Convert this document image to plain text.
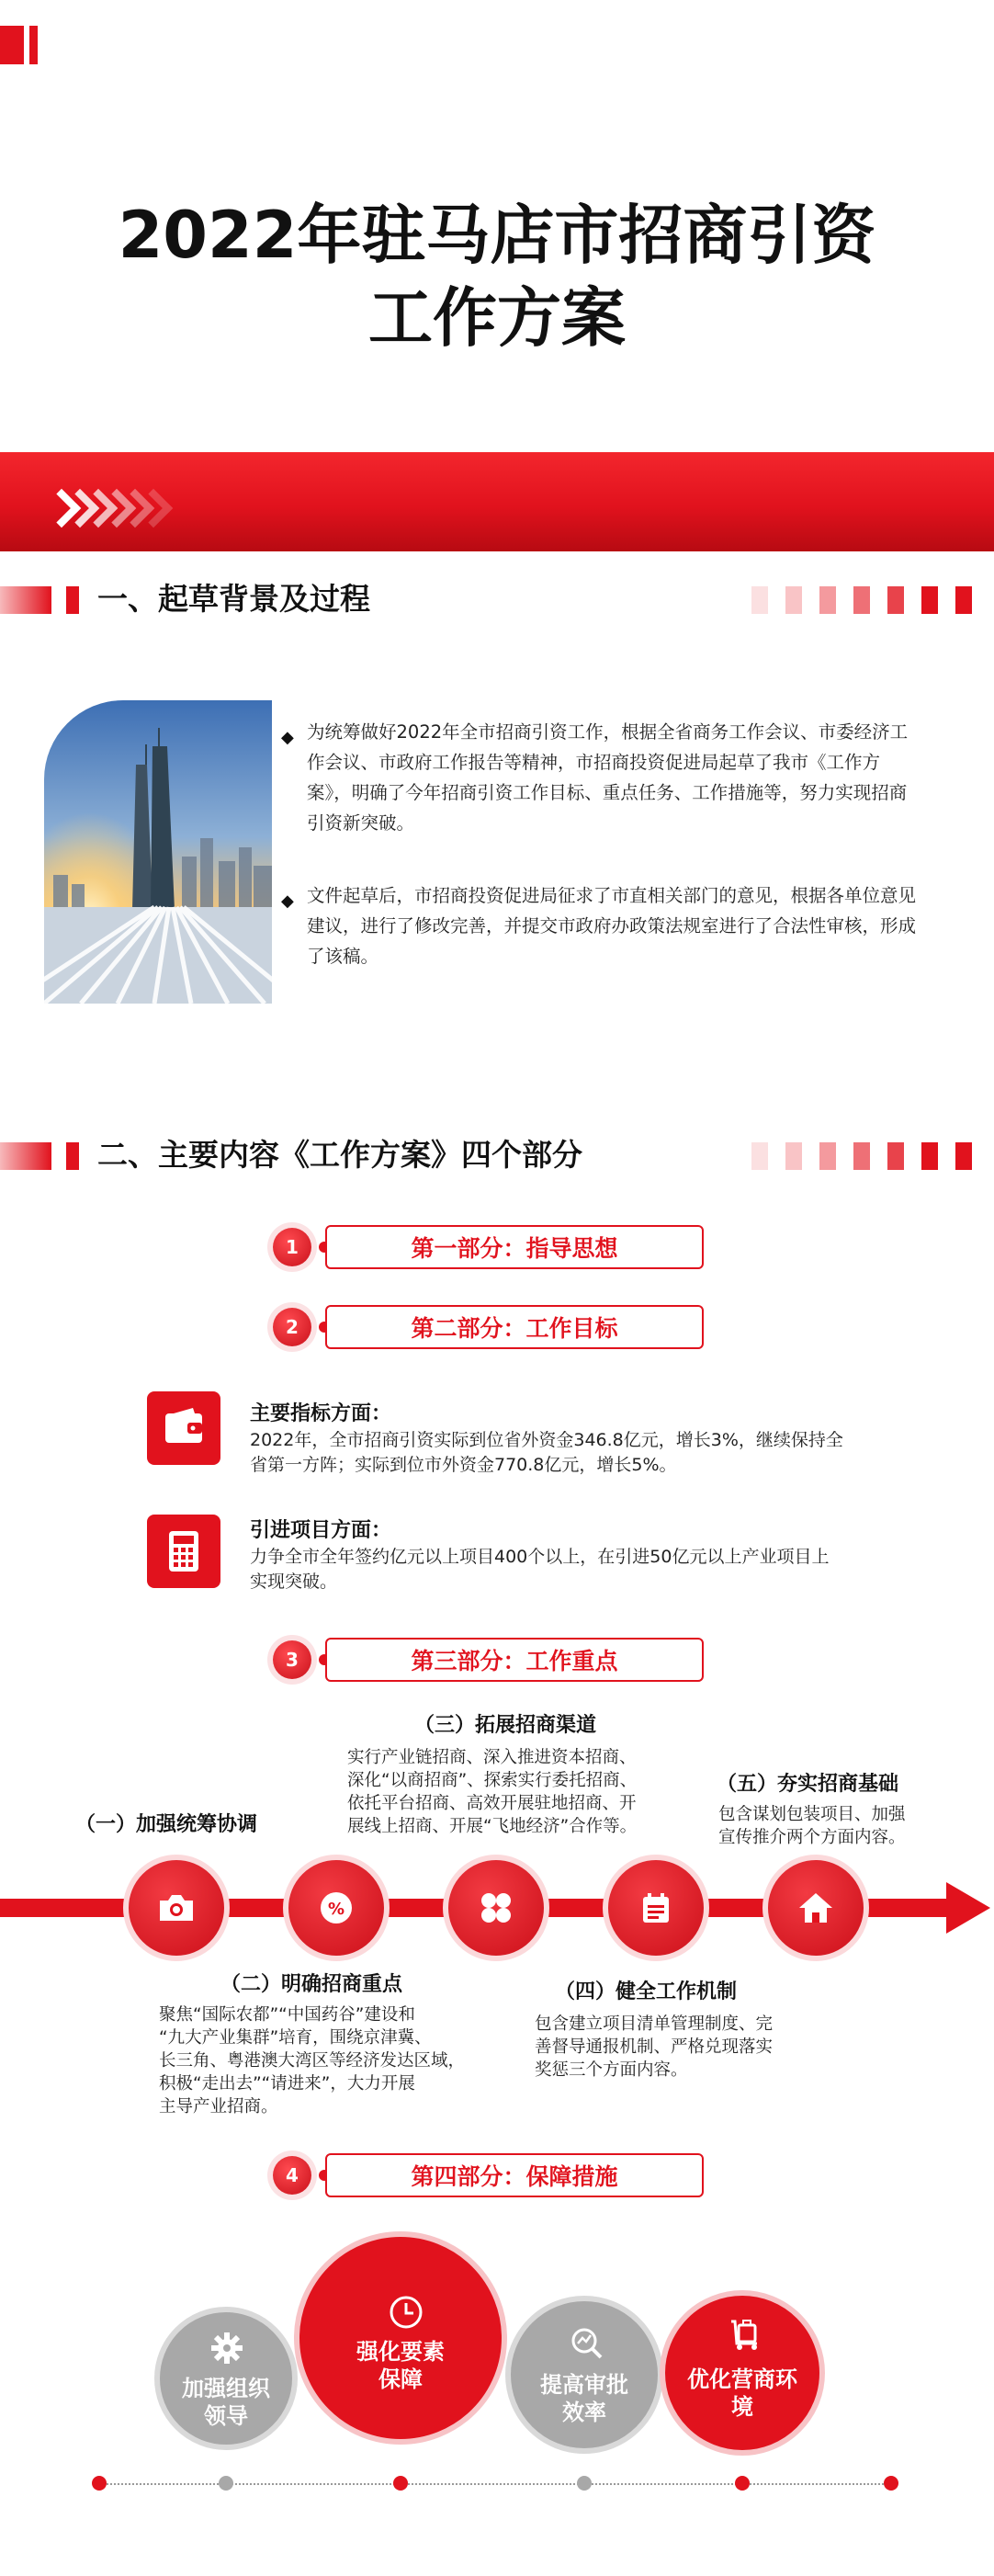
2022年驻马店市招商引资
工作方案
一、起草背景及过程
◆ 为统筹做好2022年全市招商引资工作，根据全省商务工作会议、市委经济工作会议、市政府工作报告等精神，市招商投资促进局起草了我市《工作方案》，明确了今年招商引资工作目标、重点任务、工作措施等，努力实现招商引资新突破。
◆ 文件起草后，市招商投资促进局征求了市直相关部门的意见，根据各单位意见建议，进行了修改完善，并提交市政府办政策法规室进行了合法性审核，形成了该稿。
二、主要内容《工作方案》四个部分
1	第一部分：指导思想
2	第二部分：工作目标
主要指标方面：
2022年，全市招商引资实际到位省外资金346.8亿元，增长3%，继续保持全
省第一方阵；实际到位市外资金770.8亿元，增长5%。
引进项目方面：
力争全市全年签约亿元以上项目400个以上，在引进50亿元以上产业项目上
实现突破。
3	第三部分：工作重点
（三）拓展招商渠道
实行产业链招商、深入推进资本招商、
深化“以商招商”、探索实行委托招商、
依托平台招商、高效开展驻地招商、开
展线上招商、开展“飞地经济”合作等。
（五）夯实招商基础
包含谋划包装项目、加强
宣传推介两个方面内容。
（一）加强统筹协调
%
（二）明确招商重点
聚焦“国际农都”“中国药谷”建设和
“九大产业集群”培育，围绕京津冀、
长三角、粤港澳大湾区等经济发达区域，
积极“走出去”“请进来”，大力开展
主导产业招商。
（四）健全工作机制
包含建立项目清单管理制度、完
善督导通报机制、严格兑现落实
奖惩三个方面内容。
4	第四部分：保障措施
加强组织
领导
强化要素
保障	提高审批
效率
优化营商环
境
